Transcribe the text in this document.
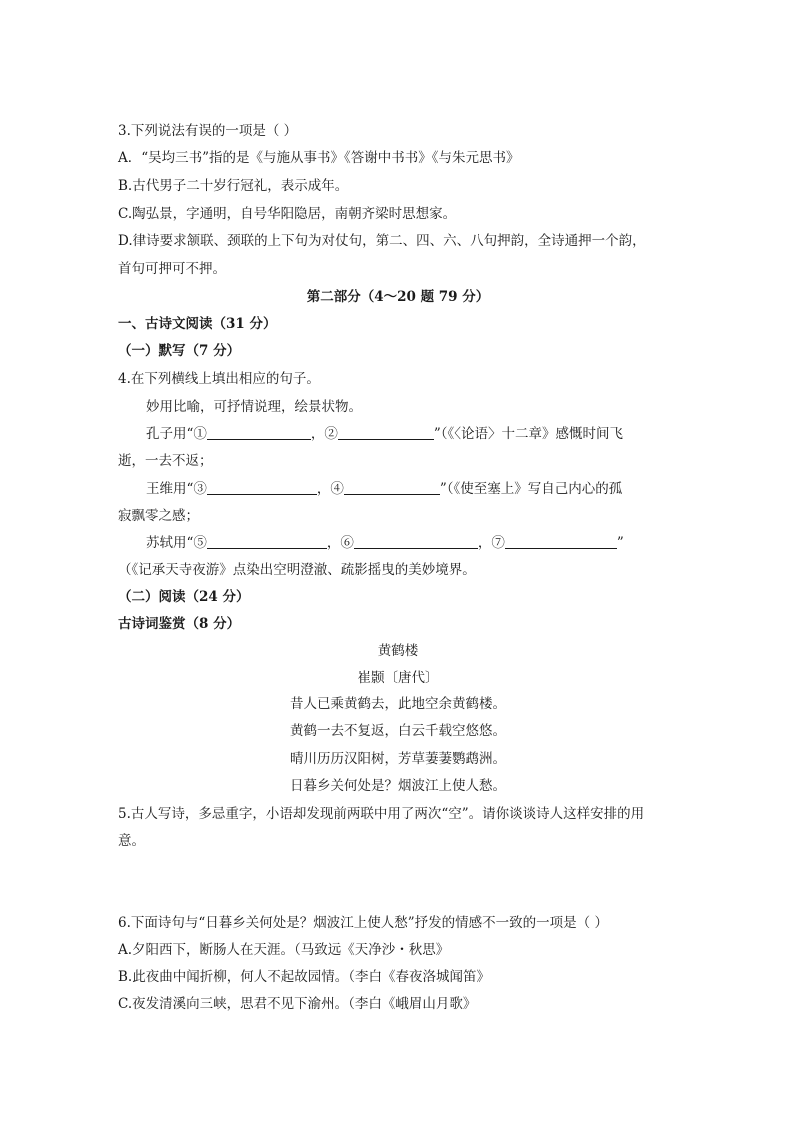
3.下列说法有误的一项是（ ）
A．“吴均三书”指的是《与施从事书》《答谢中书书》《与朱元思书》
B.古代男子二十岁行冠礼，表示成年。
C.陶弘景，字通明，自号华阳隐居，南朝齐梁时思想家。
D.律诗要求颔联、颈联的上下句为对仗句，第二、四、六、八句押韵，全诗通押一个韵，
首句可押可不押。
第二部分（4～20 题 79 分）
一、古诗文阅读（31 分）
（一）默写（7 分）
4.在下列横线上填出相应的句子。
妙用比喻，可抒情说理，绘景状物。
孔子用“①	，②	”（《〈论语〉十二章》感慨时间飞
逝，一去不返；
王维用“③	，④	”（《使至塞上》写自己内心的孤
寂飘零之感；
苏轼用“⑤	，⑥	，⑦	”
（《记承天寺夜游》点染出空明澄澈、疏影摇曳的美妙境界。
（二）阅读（24 分）
古诗词鉴赏（8 分）
黄鹤楼
崔颢〔唐代〕
昔人已乘黄鹤去，此地空余黄鹤楼。
黄鹤一去不复返，白云千载空悠悠。
晴川历历汉阳树，芳草萋萋鹦鹉洲。
日暮乡关何处是？烟波江上使人愁。
5.古人写诗，多忌重字，小语却发现前两联中用了两次“空”。请你谈谈诗人这样安排的用
意。
6.下面诗句与“日暮乡关何处是？烟波江上使人愁”抒发的情感不一致的一项是（ ）
A.夕阳西下，断肠人在天涯。（马致远《天净沙・秋思》
B.此夜曲中闻折柳，何人不起故园情。（李白《春夜洛城闻笛》
C.夜发清溪向三峡，思君不见下渝州。（李白《峨眉山月歌》
